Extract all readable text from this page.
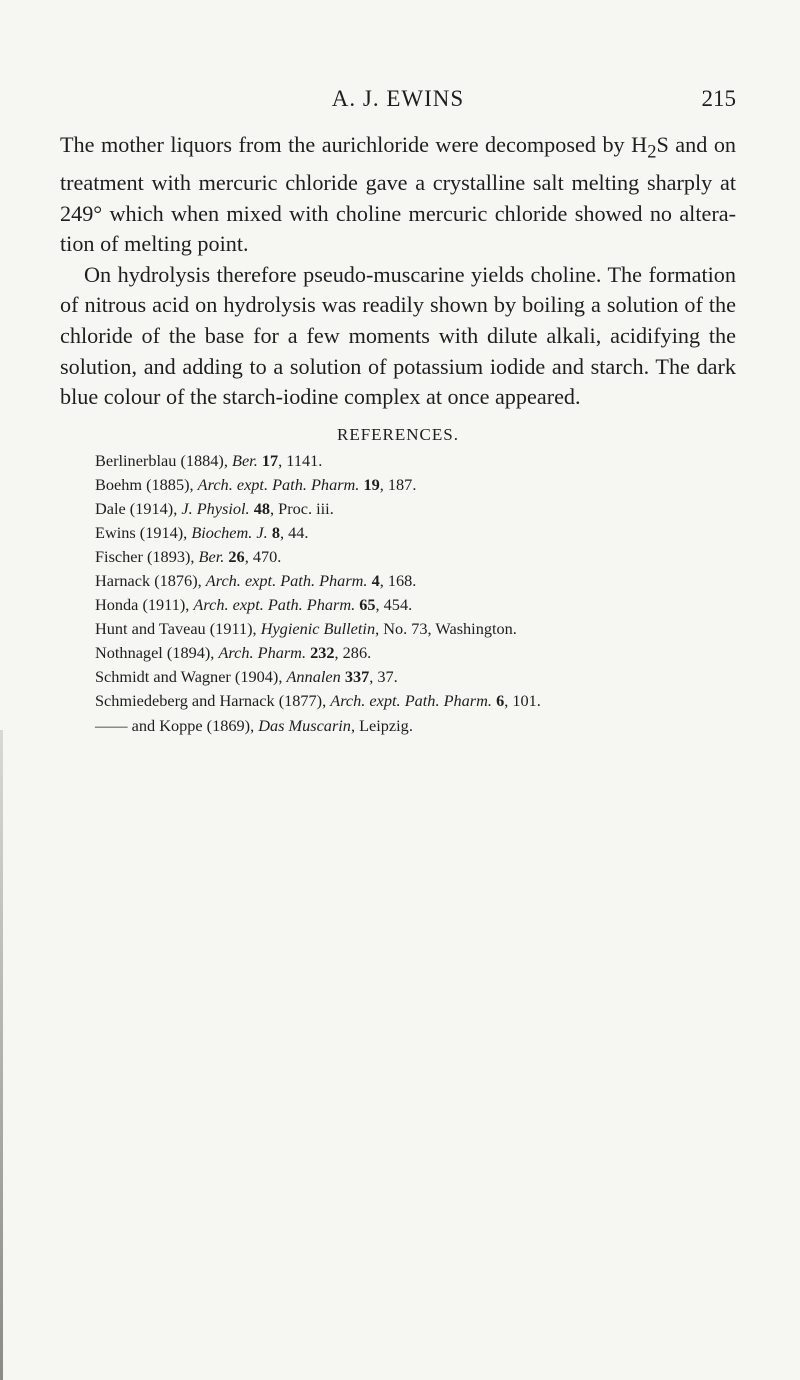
A. J. EWINS	215

The mother liquors from the aurichloride were decomposed by $H_2S$ and on treatment with mercuric chloride gave a crystalline salt melting sharply at 249° which when mixed with choline mercuric chloride showed no altera-tion of melting point.

On hydrolysis therefore pseudo-muscarine yields choline. The formation of nitrous acid on hydrolysis was readily shown by boiling a solution of the chloride of the base for a few moments with dilute alkali, acidifying the solution, and adding to a solution of potassium iodide and starch. The dark blue colour of the starch-iodine complex at once appeared.

REFERENCES.
Berlinerblau (1884), Ber. 17, 1141.
Boehm (1885), Arch. expt. Path. Pharm. 19, 187.
Dale (1914), J. Physiol. 48, Proc. iii.
Ewins (1914), Biochem. J. 8, 44.
Fischer (1893), Ber. 26, 470.
Harnack (1876), Arch. expt. Path. Pharm. 4, 168.
Honda (1911), Arch. expt. Path. Pharm. 65, 454.
Hunt and Taveau (1911), Hygienic Bulletin, No. 73, Washington.
Nothnagel (1894), Arch. Pharm. 232, 286.
Schmidt and Wagner (1904), Annalen 337, 37.
Schmiedeberg and Harnack (1877), Arch. expt. Path. Pharm. 6, 101.
—— and Koppe (1869), Das Muscarin, Leipzig.
